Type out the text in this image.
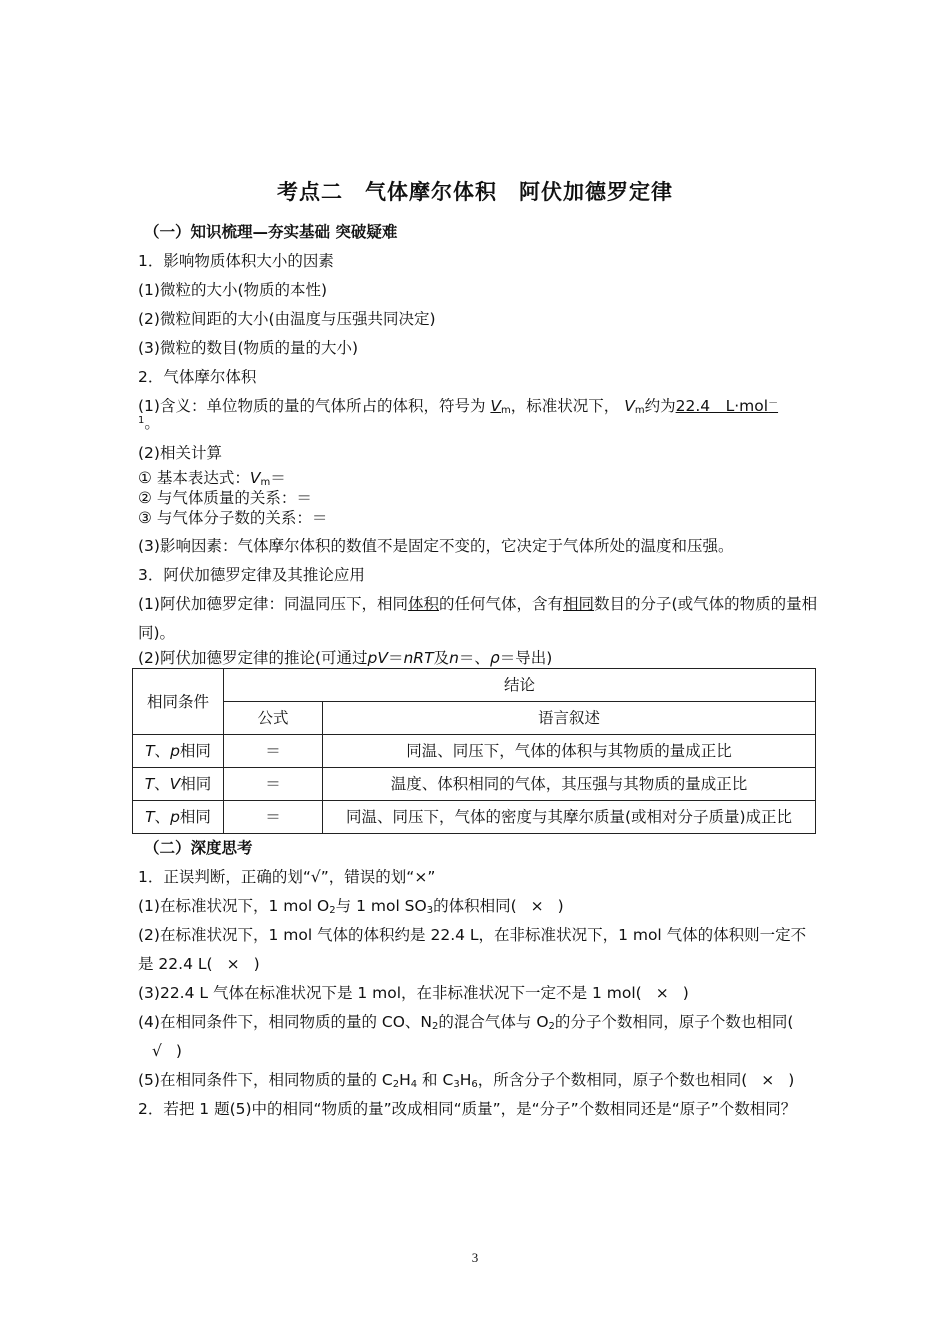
考点二　气体摩尔体积　阿伏加德罗定律
（一）知识梳理—夯实基础 突破疑难
1．影响物质体积大小的因素
(1)微粒的大小(物质的本性)
(2)微粒间距的大小(由温度与压强共同决定)
(3)微粒的数目(物质的量的大小)
2．气体摩尔体积
(1)含义：单位物质的量的气体所占的体积，符号为 $V_m$，标准状况下， $V_m$约为22.4　L·mol－
$^1$。
(2)相关计算
① 基本表达式：$V_m=$
② 与气体质量的关系：＝
③ 与气体分子数的关系：＝
(3)影响因素：气体摩尔体积的数值不是固定不变的，它决定于气体所处的温度和压强。
3．阿伏加德罗定律及其推论应用
(1)阿伏加德罗定律：同温同压下，相同体积的任何气体，含有相同数目的分子(或气体的物质的量相同)。
(2)阿伏加德罗定律的推论(可通过pV＝nRT及n＝、ρ＝导出)
相同条件	结论	
	公式	语言叙述
T、p相同	＝	同温、同压下，气体的体积与其物质的量成正比
T、V相同	＝	温度、体积相同的气体，其压强与其物质的量成正比
T、p相同	＝	同温、同压下，气体的密度与其摩尔质量(或相对分子质量)成正比
（二）深度思考
1．正误判断，正确的划“√”，错误的划“×”
(1)在标准状况下，1 mol $O_2$与 1 mol $SO_3$的体积相同( × )
(2)在标准状况下，1 mol 气体的体积约是 22.4 L，在非标准状况下，1 mol 气体的体积则一定不是 22.4 L( × )
(3)22.4 L 气体在标准状况下是 1 mol，在非标准状况下一定不是 1 mol( × )
(4)在相同条件下，相同物质的量的 CO、$N_2$的混合气体与 $O_2$的分子个数相同，原子个数也相同(√ )
(5)在相同条件下，相同物质的量的 $C_2H_4$ 和 $C_3H_6$，所含分子个数相同，原子个数也相同( × )
2．若把 1 题(5)中的相同“物质的量”改成相同“质量”，是“分子”个数相同还是“原子”个数相同？
3
